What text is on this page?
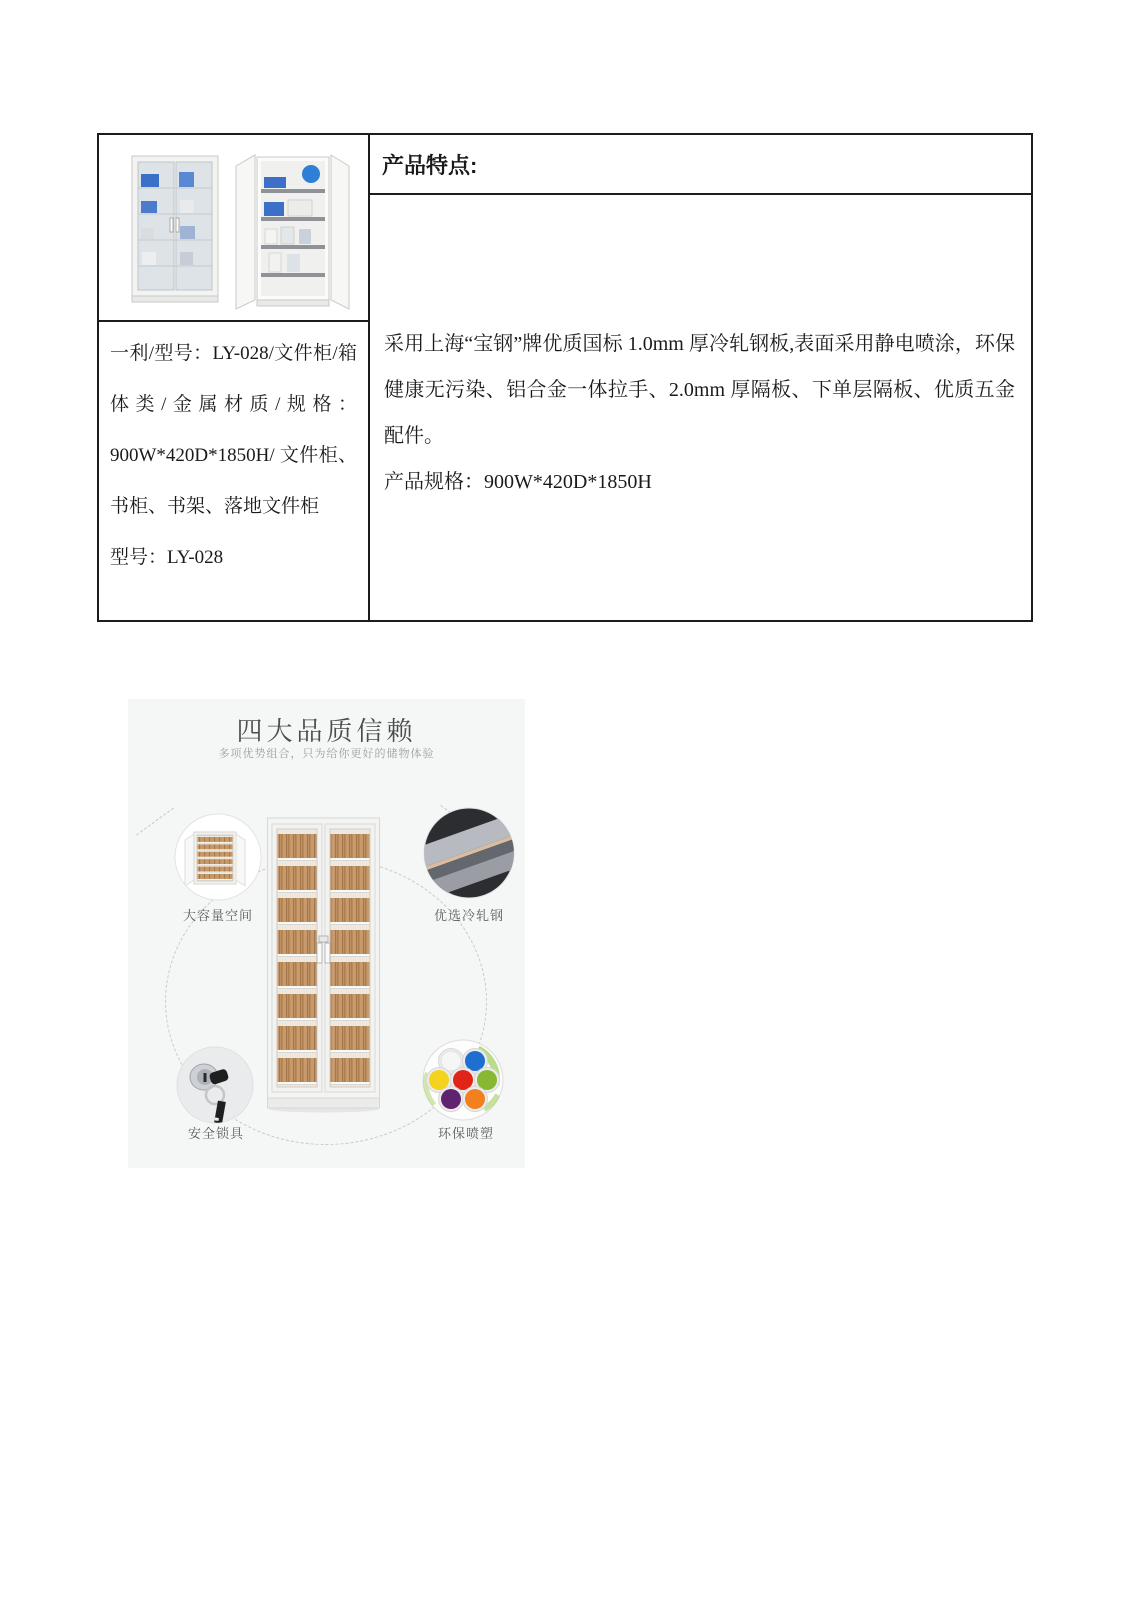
一利/型号：LY-028/文件柜/箱体类/金属材质/规格：900W*420D*1850H/ 文件柜、书柜、书架、落地文件柜
型号：LY-028
产品特点:
采用上海“宝钢”牌优质国标 1.0mm 厚冷轧钢板,表面采用静电喷涂，环保健康无污染、铝合金一体拉手、2.0mm 厚隔板、下单层隔板、优质五金配件。
产品规格：900W*420D*1850H
四大品质信赖
多项优势组合，只为给你更好的储物体验
大容量空间	优选冷轧钢
安全锁具	环保喷塑
